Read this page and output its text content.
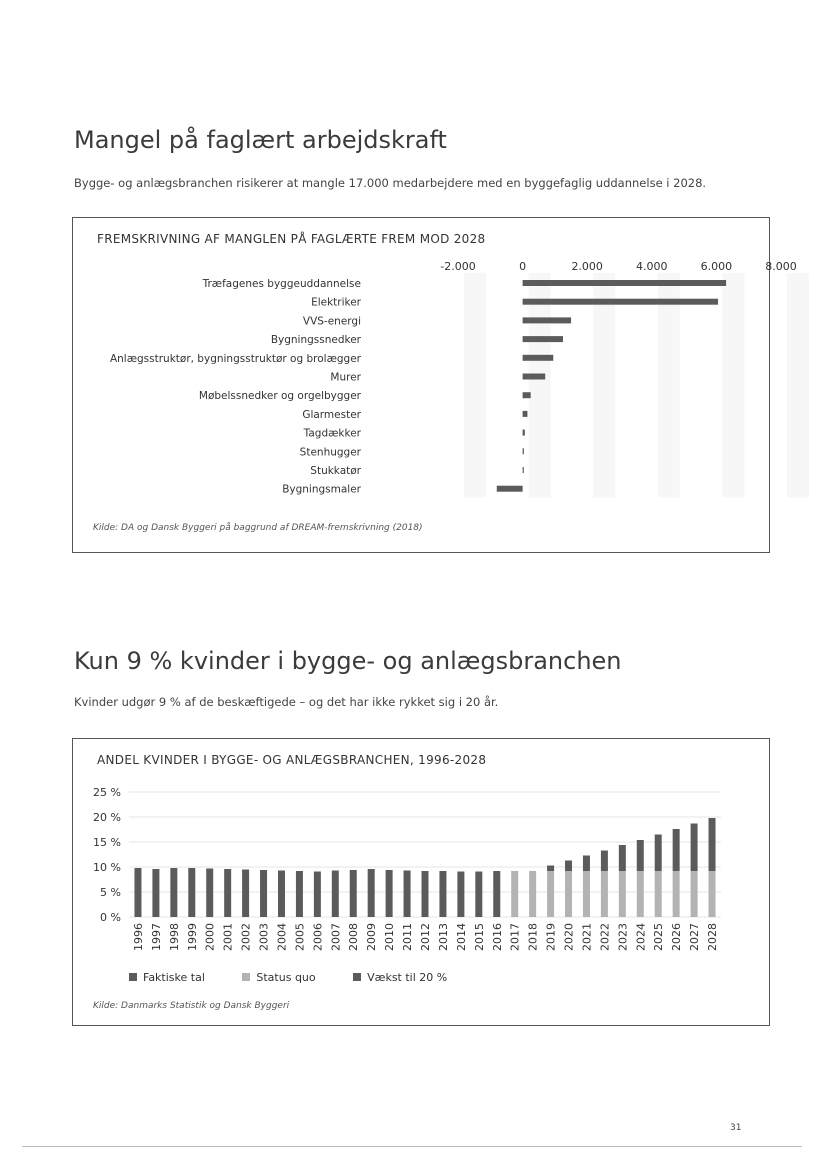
Mangel på faglært arbejdskraft
Bygge- og anlægsbranchen risikerer at mangle 17.000 medarbejdere med en byggefaglig uddannelse i 2028.
FREMSKRIVNING AF MANGLEN PÅ FAGLÆRTE FREM MOD 2028
-2.000	0	2.000	4.000	6.000	8.000
Træfagenes byggeuddannelse
Elektriker
VVS-energi
Bygningssnedker
Anlægsstruktør, bygningsstruktør og brolægger
Murer
Møbelssnedker og orgelbygger
Glarmester
Tagdækker
Stenhugger
Stukkatør
Bygningsmaler
Kilde: DA og Dansk Byggeri på baggrund af DREAM-fremskrivning (2018)
Kun 9 % kvinder i bygge- og anlægsbranchen
Kvinder udgør 9 % af de beskæftigede – og det har ikke rykket sig i 20 år.
ANDEL KVINDER I BYGGE- OG ANLÆGSBRANCHEN, 1996-2028
25 %
20 %
15 %
10 %
5 %
0 %
1996 1997 1998 1999 2000 2001 2002 2003 2004 2005 2006 2007 2008 2009 2010 2011 2012 2013 2014 2015 2016 2017 2018 2019 2020 2021 2022 2023 2024 2025 2026 2027 2028
Faktiske tal	Status quo	Vækst til 20 %
Kilde: Danmarks Statistik og Dansk Byggeri
31
